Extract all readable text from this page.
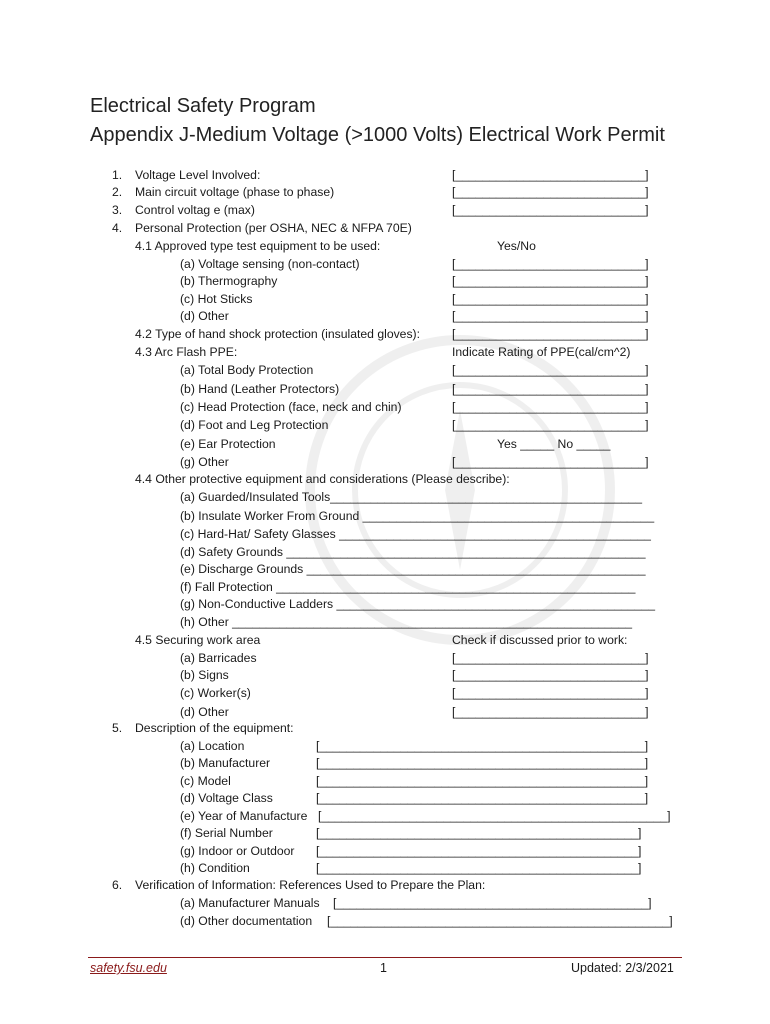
Electrical Safety Program
Appendix J-Medium Voltage (>1000 Volts) Electrical Work Permit
1. Voltage Level Involved:	[____________________________]
2. Main circuit voltage (phase to phase)	[____________________________]
3. Control voltag e (max)	[____________________________]
4. Personal Protection (per OSHA, NEC & NFPA 70E)
4.1 Approved type test equipment to be used:	Yes/No
(a) Voltage sensing (non-contact)	[____________________________]
(b) Thermography	[____________________________]
(c) Hot Sticks	[____________________________]
(d) Other	[____________________________]
4.2 Type of hand shock protection (insulated gloves):	[____________________________]
4.3 Arc Flash PPE:	Indicate Rating of PPE(cal/cm^2)
(a) Total Body Protection	[____________________________]
(b) Hand (Leather Protectors)	[____________________________]
(c) Head Protection (face, neck and chin)	[____________________________]
(d) Foot and Leg Protection	[____________________________]
(e) Ear Protection	Yes _____ No _____
(g) Other	[____________________________]
4.4 Other protective equipment and considerations (Please describe):
(a) Guarded/Insulated Tools______________________________________________
(b) Insulate Worker From Ground ___________________________________________
(c) Hard-Hat/ Safety Glasses ______________________________________________
(d) Safety Grounds _____________________________________________________
(e) Discharge Grounds __________________________________________________
(f) Fall Protection _____________________________________________________
(g) Non-Conductive Ladders _______________________________________________
(h) Other ___________________________________________________________
4.5 Securing work area	Check if discussed prior to work:
(a) Barricades	[____________________________]
(b) Signs	[____________________________]
(c) Worker(s)	[____________________________]
(d) Other	[____________________________]
5. Description of the equipment:
(a) Location	[________________________________________________]
(b) Manufacturer	[________________________________________________]
(c) Model	[________________________________________________]
(d) Voltage Class	[________________________________________________]
(e) Year of Manufacture [___________________________________________________]
(f) Serial Number	[_______________________________________________]
(g) Indoor or Outdoor [_______________________________________________]
(h) Condition	[_______________________________________________]
6. Verification of Information: References Used to Prepare the Plan:
(a) Manufacturer Manuals [______________________________________________]
(d) Other documentation [__________________________________________________]
safety.fsu.edu	1	Updated: 2/3/2021
